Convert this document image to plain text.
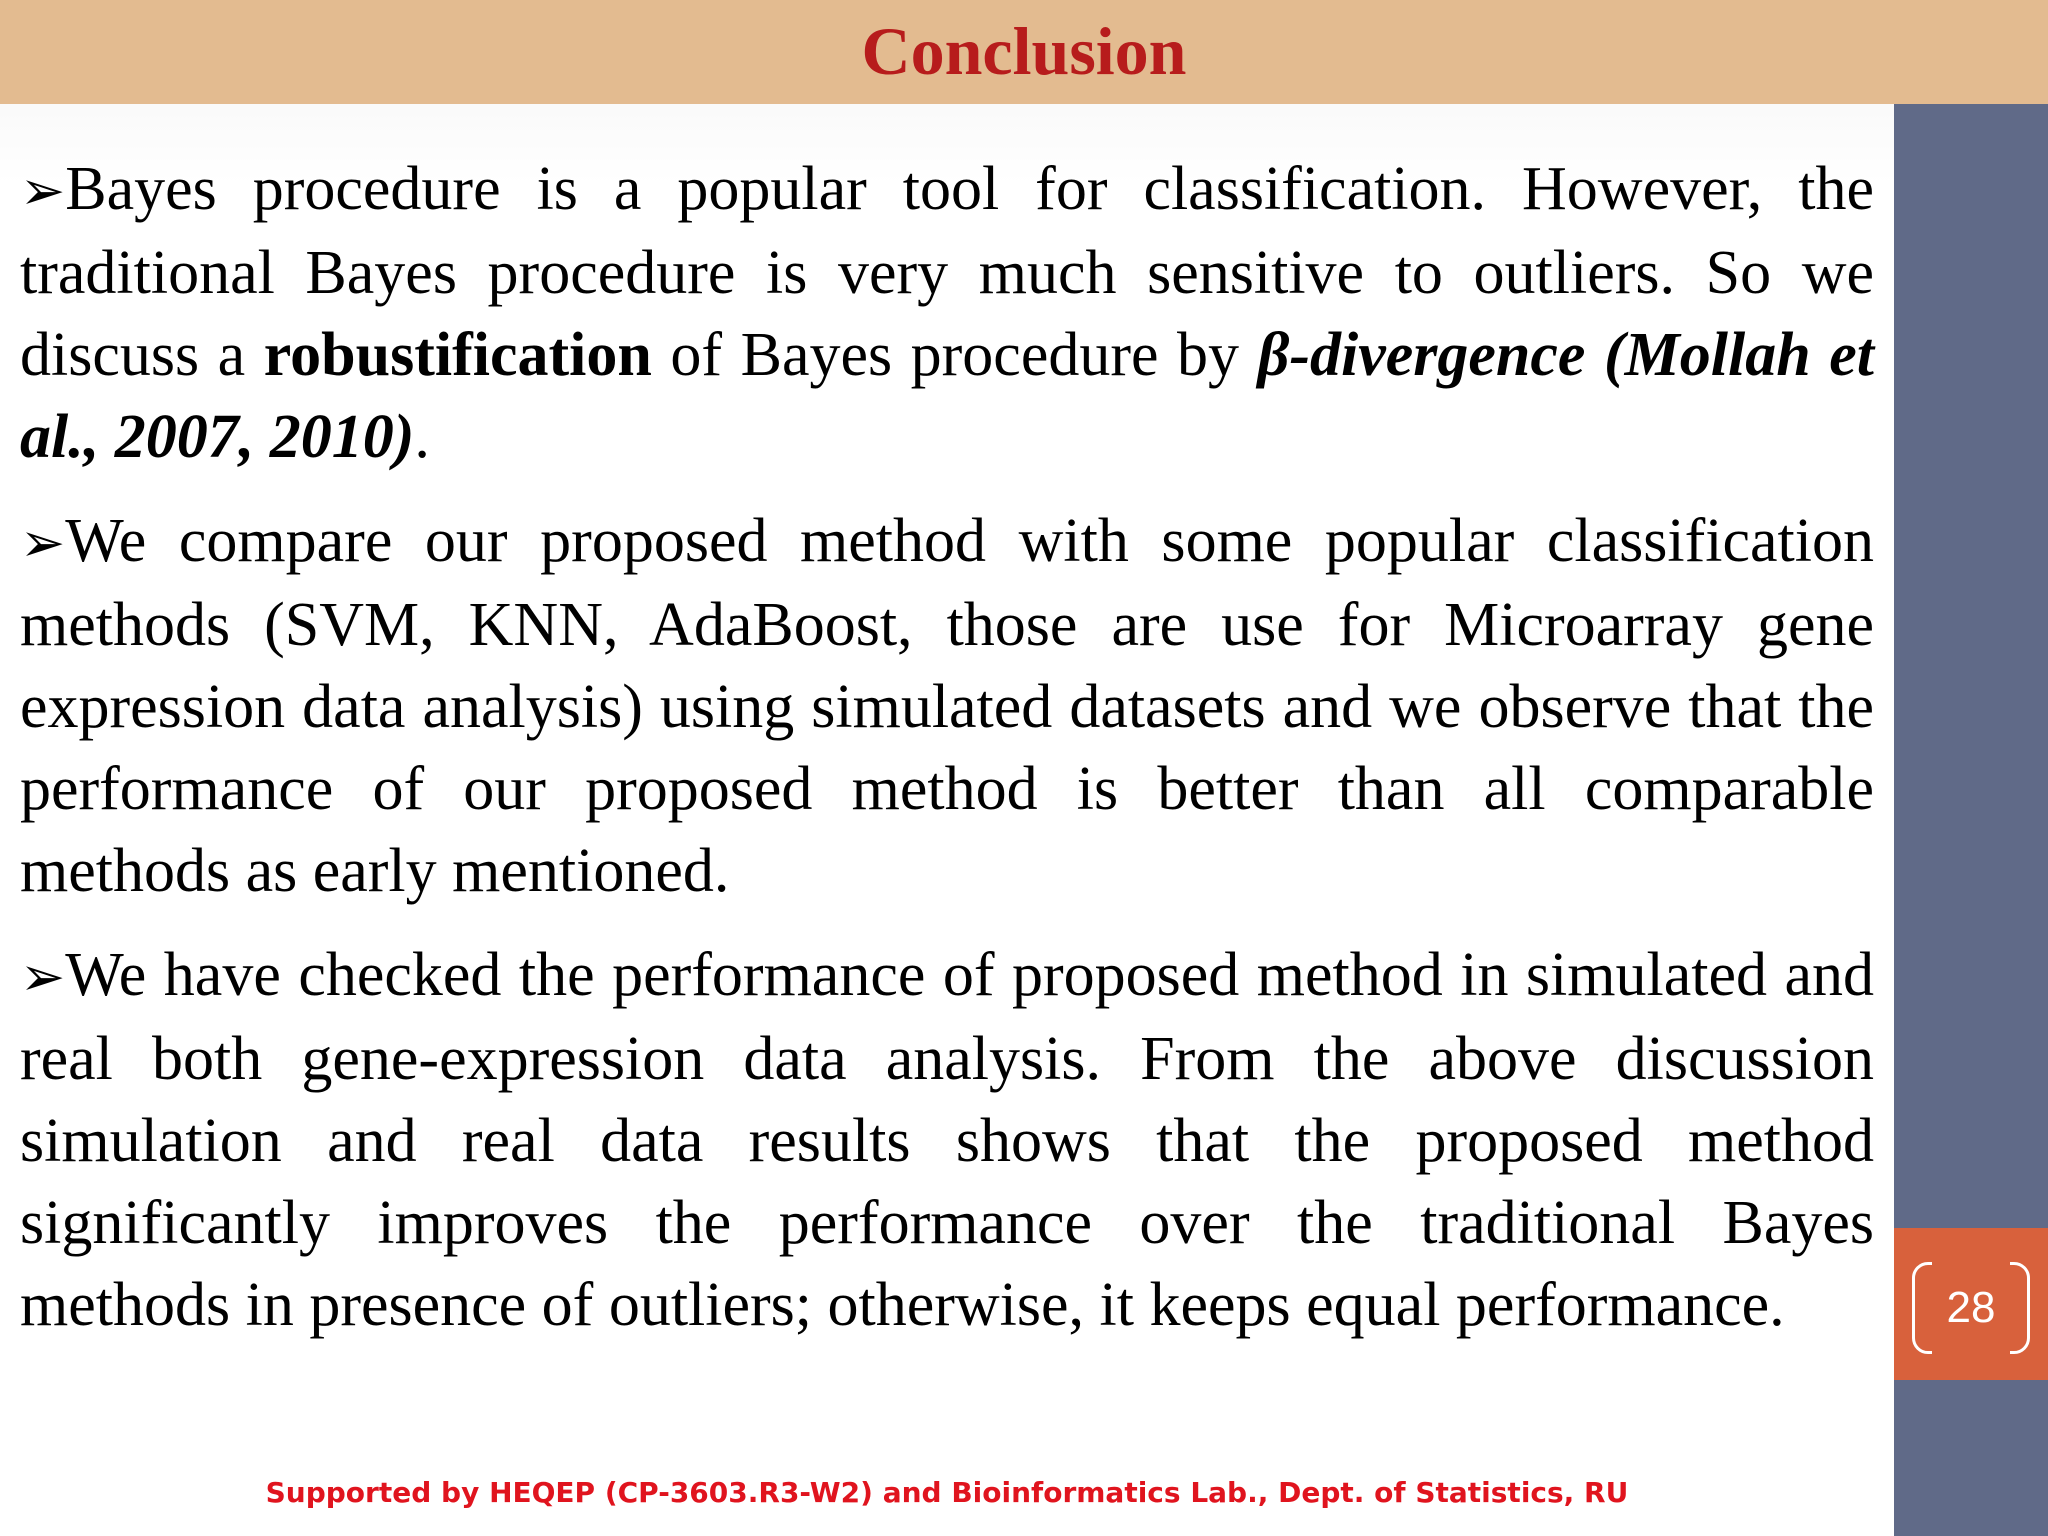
Conclusion
28

➢Bayes procedure is a popular tool for classification. However, the traditional Bayes procedure is very much sensitive to outliers. So we discuss a robustification of Bayes procedure by β-divergence (Mollah et al., 2007, 2010).

➢We compare our proposed method with some popular classification methods (SVM, KNN, AdaBoost, those are use for Microarray gene expression data analysis) using simulated datasets and we observe that the performance of our proposed method is better than all comparable methods as early mentioned.

➢We have checked the performance of proposed method in simulated and real both gene-expression data analysis. From the above discussion simulation and real data results shows that the proposed method significantly improves the performance over the traditional Bayes methods in presence of outliers; otherwise, it keeps equal performance.

Supported by HEQEP (CP-3603.R3-W2) and Bioinformatics Lab., Dept. of Statistics, RU
